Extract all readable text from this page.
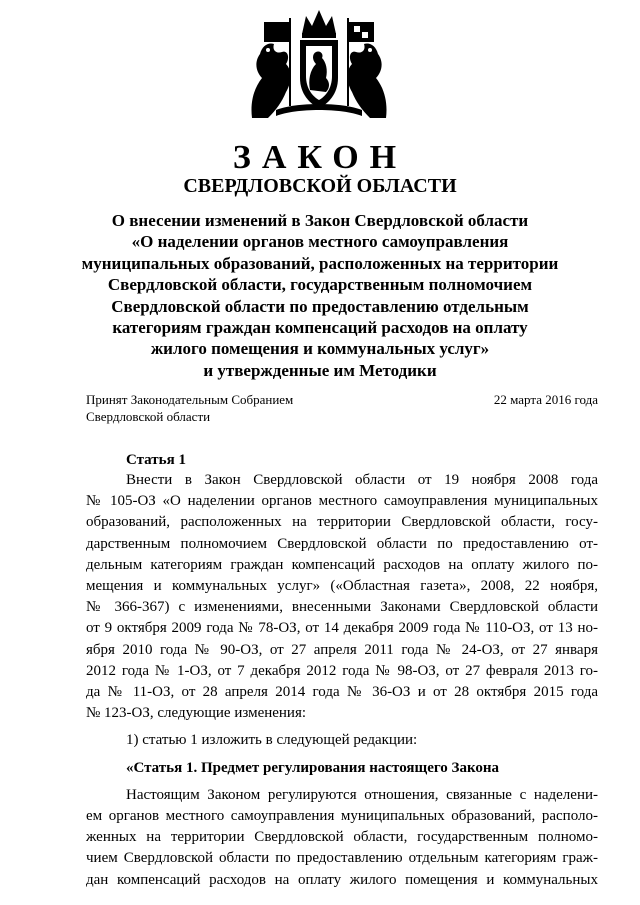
ЗАКОН
СВЕРДЛОВСКОЙ ОБЛАСТИ
О внесении изменений в Закон Свердловской области
«О наделении органов местного самоуправления
муниципальных образований, расположенных на территории
Свердловской области, государственным полномочием
Свердловской области по предоставлению отдельным
категориям граждан компенсаций расходов на оплату
жилого помещения и коммунальных услуг»
и утвержденные им Методики
Принят Законодательным Собранием
Свердловской области
22 марта 2016 года
Статья 1
Внести в Закон Свердловской области от 19 ноября 2008 года
№ 105-ОЗ «О наделении органов местного самоуправления муниципальных
образований, расположенных на территории Свердловской области, госу-
дарственным полномочием Свердловской области по предоставлению от-
дельным категориям граждан компенсаций расходов на оплату жилого по-
мещения и коммунальных услуг» («Областная газета», 2008, 22 ноября,
№ 366-367) с изменениями, внесенными Законами Свердловской области
от 9 октября 2009 года № 78-ОЗ, от 14 декабря 2009 года № 110-ОЗ, от 13 но-
ября 2010 года № 90-ОЗ, от 27 апреля 2011 года № 24-ОЗ, от 27 января
2012 года № 1-ОЗ, от 7 декабря 2012 года № 98-ОЗ, от 27 февраля 2013 го-
да № 11-ОЗ, от 28 апреля 2014 года № 36-ОЗ и от 28 октября 2015 года
№ 123-ОЗ, следующие изменения:
1) статью 1 изложить в следующей редакции:
«Статья 1. Предмет регулирования настоящего Закона
Настоящим Законом регулируются отношения, связанные с наделени-
ем органов местного самоуправления муниципальных образований, располо-
женных на территории Свердловской области, государственным полномо-
чием Свердловской области по предоставлению отдельным категориям граж-
дан компенсаций расходов на оплату жилого помещения и коммунальных
